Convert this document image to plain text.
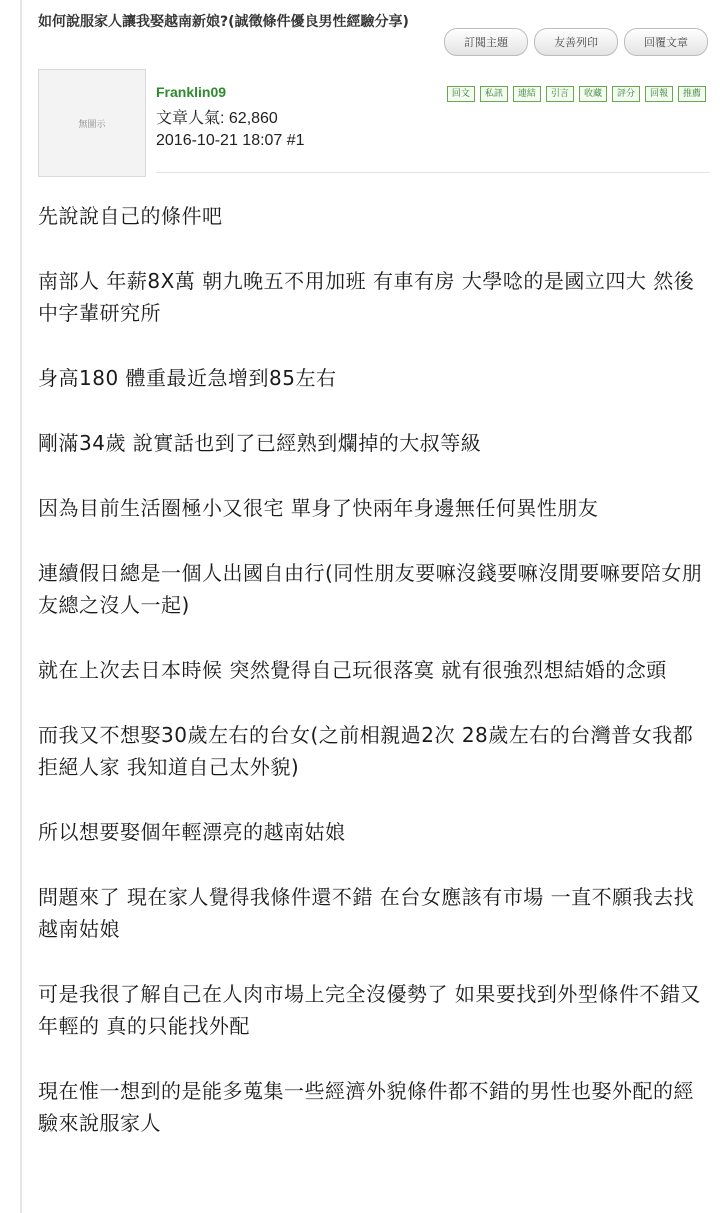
如何說服家人讓我娶越南新娘?(誠徵條件優良男性經驗分享)
訂閱主題	友善列印	回覆文章
無圖示
Franklin09
文章人氣: 62,860
2016-10-21 18:07 #1
回文	私訊	連結	引言	收藏	評分	回報	推薦

先說說自己的條件吧

南部人 年薪8X萬 朝九晚五不用加班 有車有房 大學唸的是國立四大 然後中字輩研究所

身高180 體重最近急增到85左右

剛滿34歲 說實話也到了已經熟到爛掉的大叔等級

因為目前生活圈極小又很宅 單身了快兩年身邊無任何異性朋友

連續假日總是一個人出國自由行(同性朋友要嘛沒錢要嘛沒閒要嘛要陪女朋友總之沒人一起)

就在上次去日本時候 突然覺得自己玩很落寞 就有很強烈想結婚的念頭

而我又不想娶30歲左右的台女(之前相親過2次 28歲左右的台灣普女我都拒絕人家 我知道自己太外貌)

所以想要娶個年輕漂亮的越南姑娘

問題來了 現在家人覺得我條件還不錯 在台女應該有市場 一直不願我去找越南姑娘

可是我很了解自己在人肉市場上完全沒優勢了 如果要找到外型條件不錯又年輕的 真的只能找外配

現在惟一想到的是能多蒐集一些經濟外貌條件都不錯的男性也娶外配的經驗來說服家人
